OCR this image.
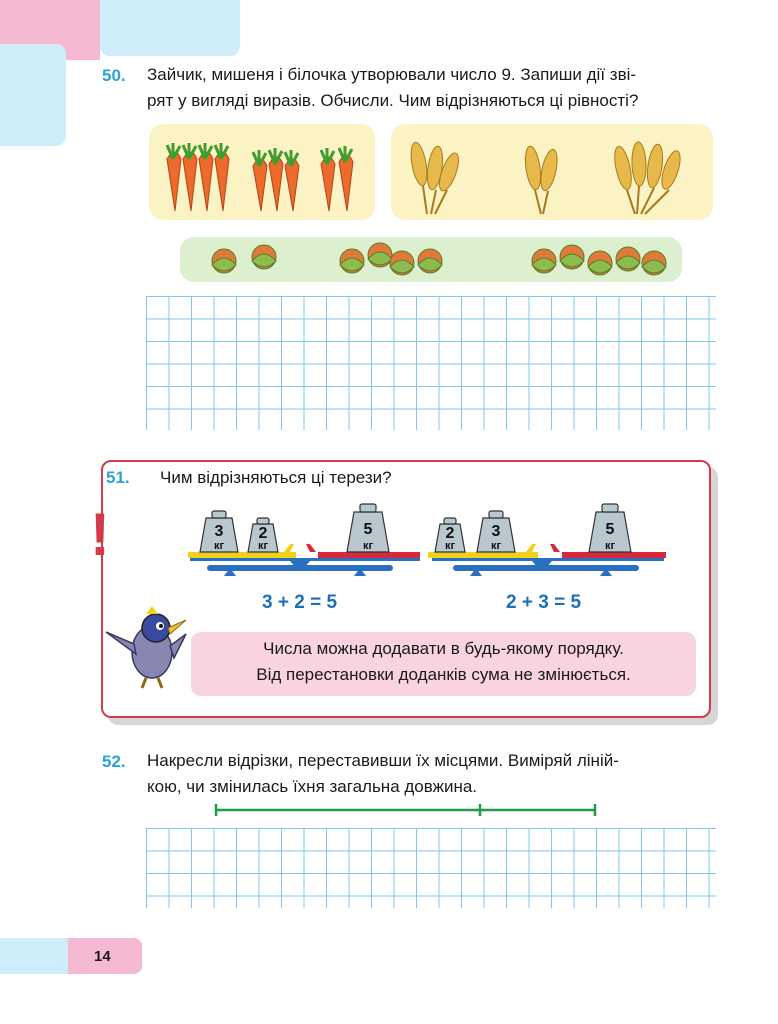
50. Зайчик, мишеня і білочка утворювали число 9. Запиши дії зві-
рят у вигляді виразів. Обчисли. Чим відрізняються ці рівності?
51. Чим відрізняються ці терези?
!	3
кг
2
кг
5
кг
3 + 2 = 5
2
кг
3
кг
5
кг
2 + 3 = 5
Числа можна додавати в будь-якому порядку.
Від перестановки доданків сума не змінюється.
52. Накресли відрізки, переставивши їх місцями. Виміряй лiній-
кою, чи змінилась їхня загальна довжина.
14
